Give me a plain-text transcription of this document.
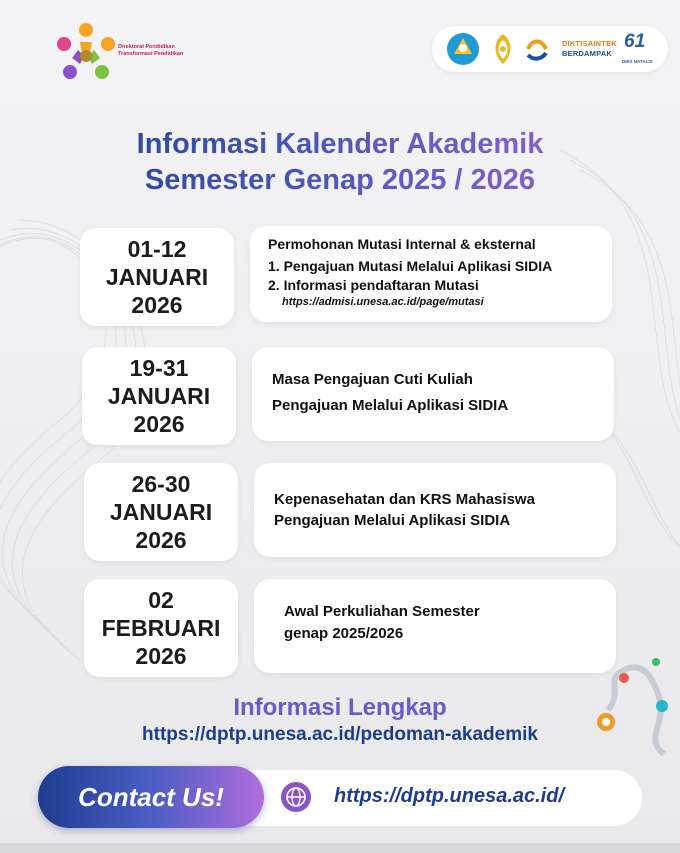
Direktorat Pendidikan Transformasi Pendidikan
DIKTISAINTEK
BERDAMPAK
61
DIES NATALIS
Informasi Kalender Akademik
Semester Genap 2025 / 2026
01-12
JANUARI
2026
Permohonan Mutasi Internal & eksternal
1. Pengajuan Mutasi Melalui Aplikasi SIDIA
2. Informasi pendaftaran Mutasi
https://admisi.unesa.ac.id/page/mutasi
19-31
JANUARI
2026
Masa Pengajuan Cuti Kuliah
Pengajuan Melalui Aplikasi SIDIA
26-30
JANUARI
2026
Kepenasehatan dan KRS Mahasiswa
Pengajuan Melalui Aplikasi SIDIA
02
FEBRUARI
2026
Awal Perkuliahan Semester
genap 2025/2026
Informasi Lengkap
https://dptp.unesa.ac.id/pedoman-akademik
Contact Us!	https://dptp.unesa.ac.id/
